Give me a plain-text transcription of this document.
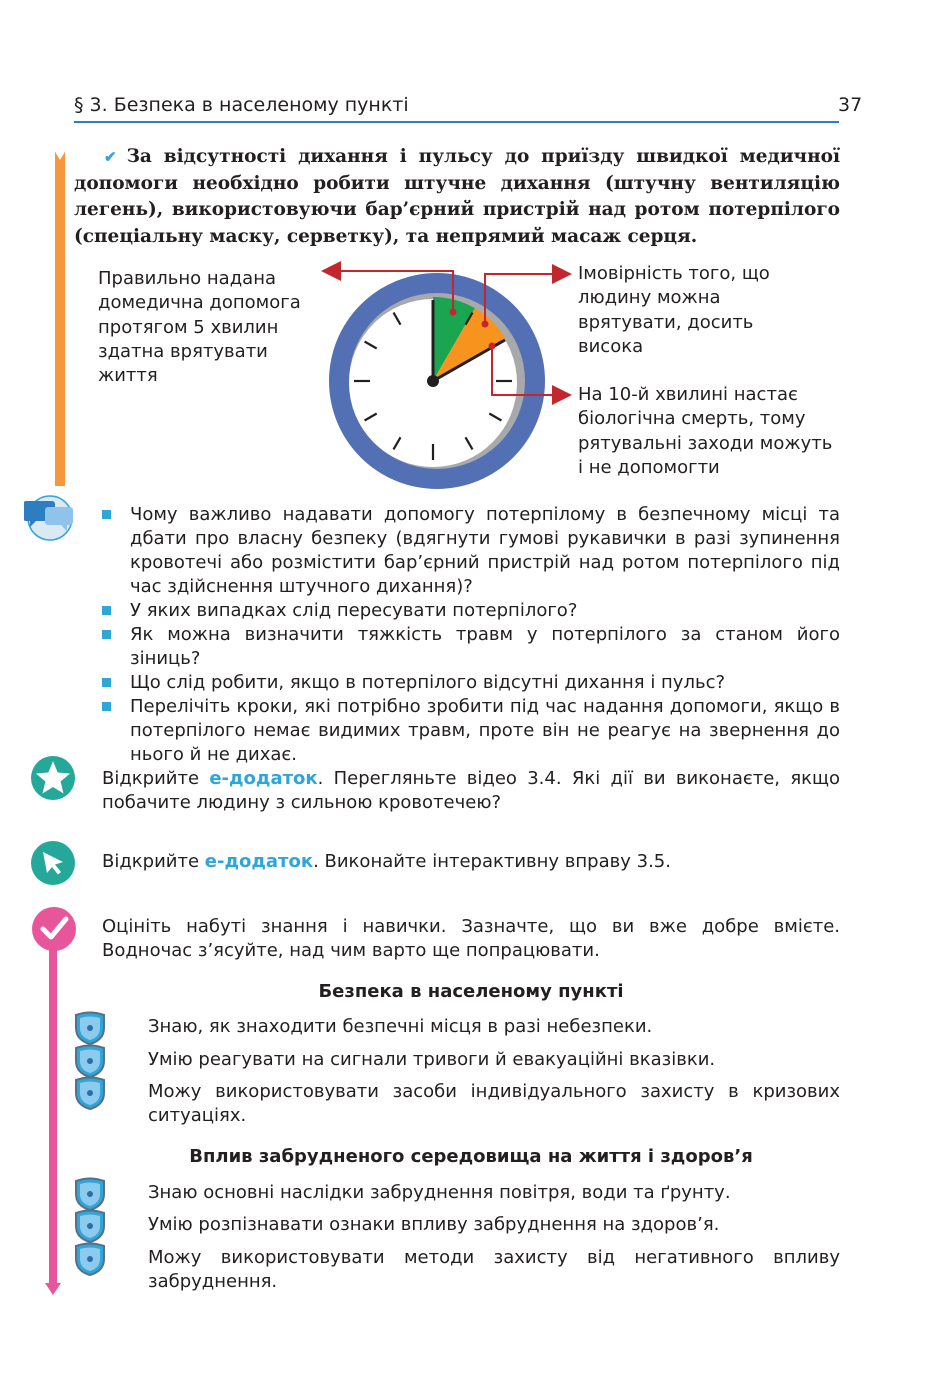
§ 3. Безпека в населеному пункті	37
✔ За відсутності дихання і пульсу до приїзду швидкої медичної допомоги необхідно робити штучне дихання (штучну вентиляцію легень), використовуючи бар’єрний пристрій над ротом потерпілого (спеціальну маску, серветку), та непрямий масаж серця.
Правильно надана домедична допомога протягом 5 хвилин здатна врятувати життя
Імовірність того, що людину можна врятувати, досить висока
На 10-й хвилині настає біологічна смерть, тому рятувальні заходи можуть і не допомогти
Чому важливо надавати допомогу потерпілому в безпечному місці та дбати про власну безпеку (вдягнути гумові рукавички в разі зупинення кровотечі або розмістити бар’єрний пристрій над ротом потерпілого під час здійснення штучного дихання)?
У яких випадках слід пересувати потерпілого?
Як можна визначити тяжкість травм у потерпілого за станом його зіниць?
Що слід робити, якщо в потерпілого відсутні дихання і пульс?
Перелічіть кроки, які потрібно зробити під час надання допомоги, якщо в потерпілого немає видимих травм, проте він не реагує на звернення до нього й не дихає.
Відкрийте е-додаток. Перегляньте відео 3.4. Які дії ви виконаєте, якщо побачите людину з сильною кровотечею?
Відкрийте е-додаток. Виконайте інтерактивну вправу 3.5.
Оцініть набуті знання і навички. Зазначте, що ви вже добре вмієте. Водночас з’ясуйте, над чим варто ще попрацювати.
Безпека в населеному пункті
Знаю, як знаходити безпечні місця в разі небезпеки.
Умію реагувати на сигнали тривоги й евакуаційні вказівки.
Можу використовувати засоби індивідуального захисту в кризових ситуаціях.
Вплив забрудненого середовища на життя і здоров’я
Знаю основні наслідки забруднення повітря, води та ґрунту.
Умію розпізнавати ознаки впливу забруднення на здоров’я.
Можу використовувати методи захисту від негативного впливу забруднення.
